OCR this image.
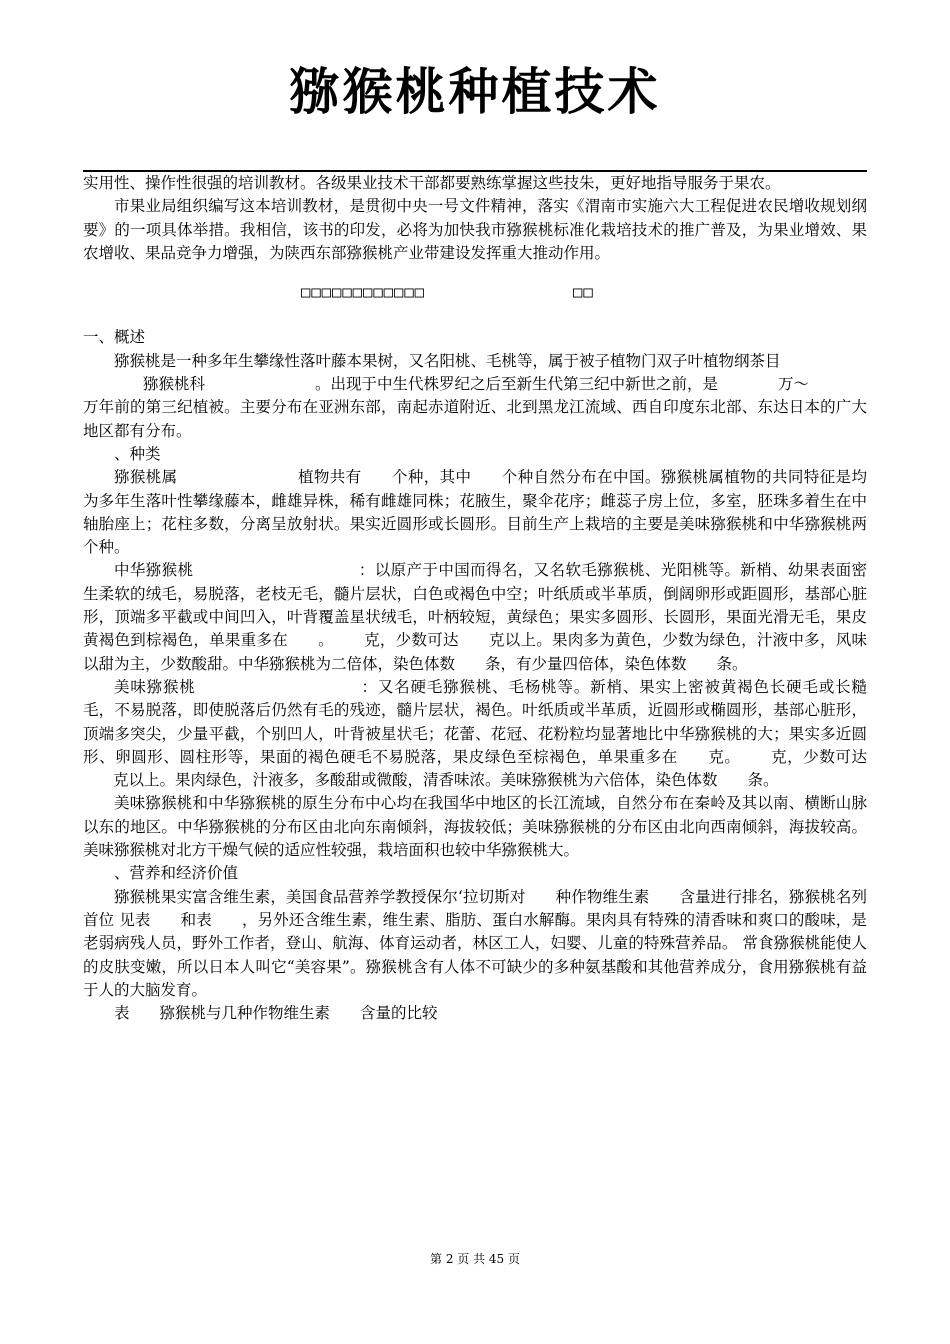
猕猴桃种植技术

实用性、操作性很强的培训教材。各级果业技术干部都要熟练掌握这些技朱，更好地指导服务于果农。

市果业局组织编写这本培训教材，是贯彻中央一号文件精神，落实《渭南市实施六大工程促进农民增收规划纲要》的一项具体举措。我相信，该书的印发，必将为加快我市猕猴桃标准化栽培技术的推广普及，为果业增效、果农增收、果品竞争力增强，为陕西东部猕猴桃产业带建设发挥重大推动作用。

□□□□□□□□□□□□	□□

一、概述

猕猴桃是一种多年生攀缘性落叶藤本果树，又名阳桃、毛桃等，属于被子植物门双子叶植物纲茶目
猕猴桃科	。出现于中生代株罗纪之后至新生代第三纪中新世之前，是	万～
万年前的第三纪植被。主要分布在亚洲东部，南起赤道附近、北到黑龙江流域、西自印度东北部、东达日本的广大地区都有分布。

、种类

猕猴桃属	植物共有 个种，其中 个种自然分布在中国。猕猴桃属植物的共同特征是均为多年生落叶性攀缘藤本，雌雄异株，稀有雌雄同株；花腋生，聚伞花序；雌蕊子房上位，多室，胚珠多着生在中轴胎座上；花柱多数，分离呈放射状。果实近圆形或长圆形。目前生产上栽培的主要是美味猕猴桃和中华猕猴桃两个种。

中华猕猴桃	：以原产于中国而得名，又名软毛猕猴桃、光阳桃等。新梢、幼果表面密生柔软的绒毛，易脱落，老枝无毛，髓片层状，白色或褐色中空；叶纸质或半革质，倒阔卵形或距圆形，基部心脏形，顶端多平截或中间凹入，叶背覆盖星状绒毛，叶柄较短，黄绿色；果实多圆形、长圆形，果面光滑无毛，果皮黄褐色到棕褐色，单果重多在 。 克，少数可达 克以上。果肉多为黄色，少数为绿色，汁液中多，风味以甜为主，少数酸甜。中华猕猴桃为二倍体，染色体数 条，有少量四倍体，染色体数 条。

美味猕猴桃	：又名硬毛猕猴桃、毛杨桃等。新梢、果实上密被黄褐色长硬毛或长糙毛，不易脱落，即使脱落后仍然有毛的残迹，髓片层状，褐色。叶纸质或半革质，近圆形或椭圆形，基部心脏形，顶端多突尖，少量平截，个别凹人，叶背被星状毛；花蕾、花冠、花粉粒均显著地比中华猕猴桃的大；果实多近圆形、卵圆形、圆柱形等，果面的褐色硬毛不易脱落，果皮绿色至棕褐色，单果重多在 克。 克，少数可达克以上。果肉绿色，汁液多，多酸甜或微酸，清香味浓。美味猕猴桃为六倍体，染色体数 条。

美味猕猴桃和中华猕猴桃的原生分布中心均在我国华中地区的长江流域，自然分布在秦岭及其以南、横断山脉以东的地区。中华猕猴桃的分布区由北向东南倾斜，海拔较低；美味猕猴桃的分布区由北向西南倾斜，海拔较高。美味猕猴桃对北方干燥气候的适应性较强，栽培面积也较中华猕猴桃大。

、营养和经济价值

猕猴桃果实富含维生素，美国食品营养学教授保尔‘拉切斯对 种作物维生素 含量进行排名，猕猴桃名列首位 见表 和表 ，另外还含维生素，维生素、脂肪、蛋白水解酶。果肉具有特殊的清香味和爽口的酸味，是老弱病残人员，野外工作者，登山、航海、体育运动者，林区工人，妇婴、儿童的特殊营养品。 常食猕猴桃能使人的皮肤变嫩，所以日本人叫它“美容果”。猕猴桃含有人体不可缺少的多种氨基酸和其他营养成分，食用猕猴桃有益于人的大脑发育。

表 猕猴桃与几种作物维生素 含量的比较

第 2 页 共 45 页
